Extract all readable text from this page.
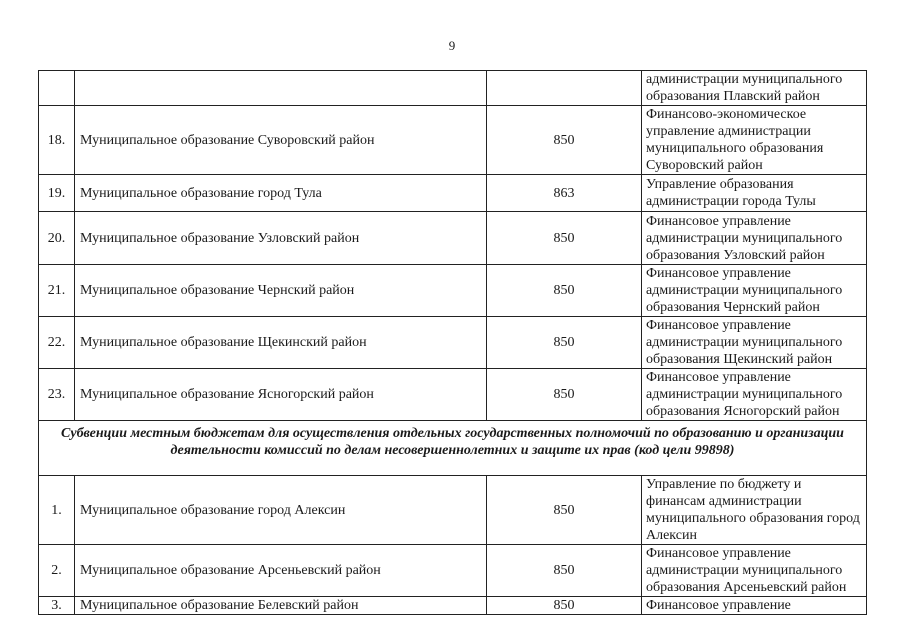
9
			администрации муниципального образования Плавский район
18.	Муниципальное образование Суворовский район	850	Финансово-экономическое управление администрации муниципального образования Суворовский район
19.	Муниципальное образование город Тула	863	Управление образования администрации города Тулы
20.	Муниципальное образование Узловский район	850	Финансовое управление администрации муниципального образования Узловский район
21.	Муниципальное образование Чернский район	850	Финансовое управление администрации муниципального образования Чернский район
22.	Муниципальное образование Щекинский район	850	Финансовое управление администрации муниципального образования Щекинский район
23.	Муниципальное образование Ясногорский район	850	Финансовое управление администрации муниципального образования Ясногорский район
Субвенции местным бюджетам для осуществления отдельных государственных полномочий по образованию и организации деятельности комиссий по делам несовершеннолетних и защите их прав (код цели 99898)			
1.	Муниципальное образование город Алексин	850	Управление по бюджету и финансам администрации муниципального образования город Алексин
2.	Муниципальное образование Арсеньевский район	850	Финансовое управление администрации муниципального образования Арсеньевский район
3.	Муниципальное образование Белевский район	850	Финансовое управление
